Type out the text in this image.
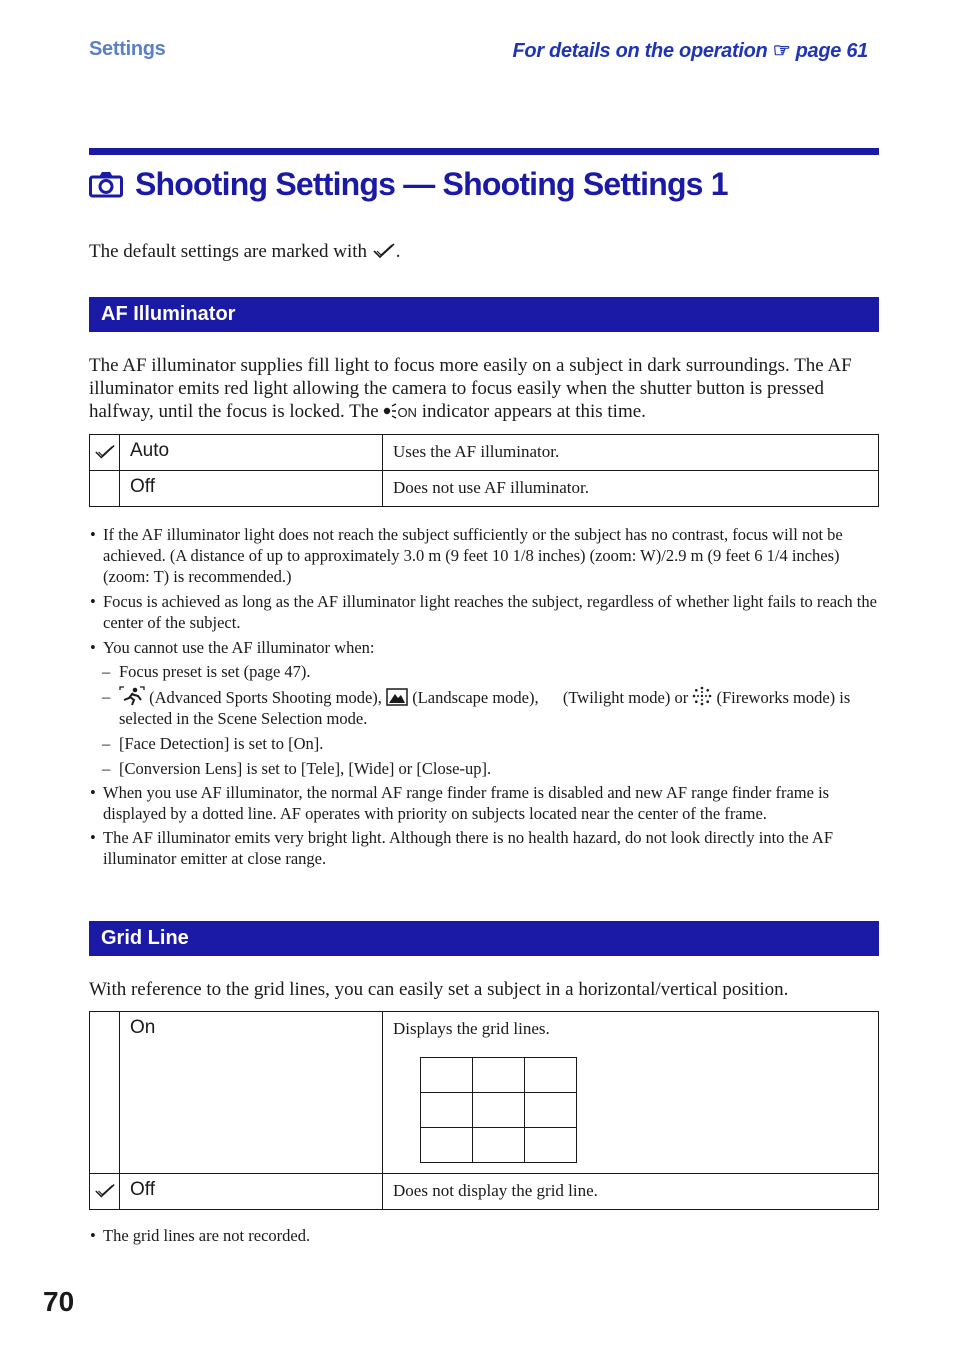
Settings	For details on the operation ☞ page 61
Shooting Settings — Shooting Settings 1
The default settings are marked with .
AF Illuminator
The AF illuminator supplies fill light to focus more easily on a subject in dark surroundings. The AF illuminator emits red light allowing the camera to focus easily when the shutter button is pressed halfway, until the focus is locked. The ON indicator appears at this time.

Auto	Uses the AF illuminator.

	Off	Does not use AF illuminator.
• If the AF illuminator light does not reach the subject sufficiently or the subject has no contrast, focus will not be achieved. (A distance of up to approximately 3.0 m (9 feet 10 1/8 inches) (zoom: W)/2.9 m (9 feet 6 1/4 inches) (zoom: T) is recommended.)
• Focus is achieved as long as the AF illuminator light reaches the subject, regardless of whether light fails to reach the center of the subject.
• You cannot use the AF illuminator when:
– Focus preset is set (page 47).
– (Advanced Sports Shooting mode), (Landscape mode), (Twilight mode) or (Fireworks mode) is selected in the Scene Selection mode.
– [Face Detection] is set to [On].
– [Conversion Lens] is set to [Tele], [Wide] or [Close-up].
• When you use AF illuminator, the normal AF range finder frame is disabled and new AF range finder frame is displayed by a dotted line. AF operates with priority on subjects located near the center of the frame.
• The AF illuminator emits very bright light. Although there is no health hazard, do not look directly into the AF illuminator emitter at close range.
Grid Line
With reference to the grid lines, you can easily set a subject in a horizontal/vertical position.

On	Displays the grid lines.

Off	Does not display the grid line.
• The grid lines are not recorded.
70
